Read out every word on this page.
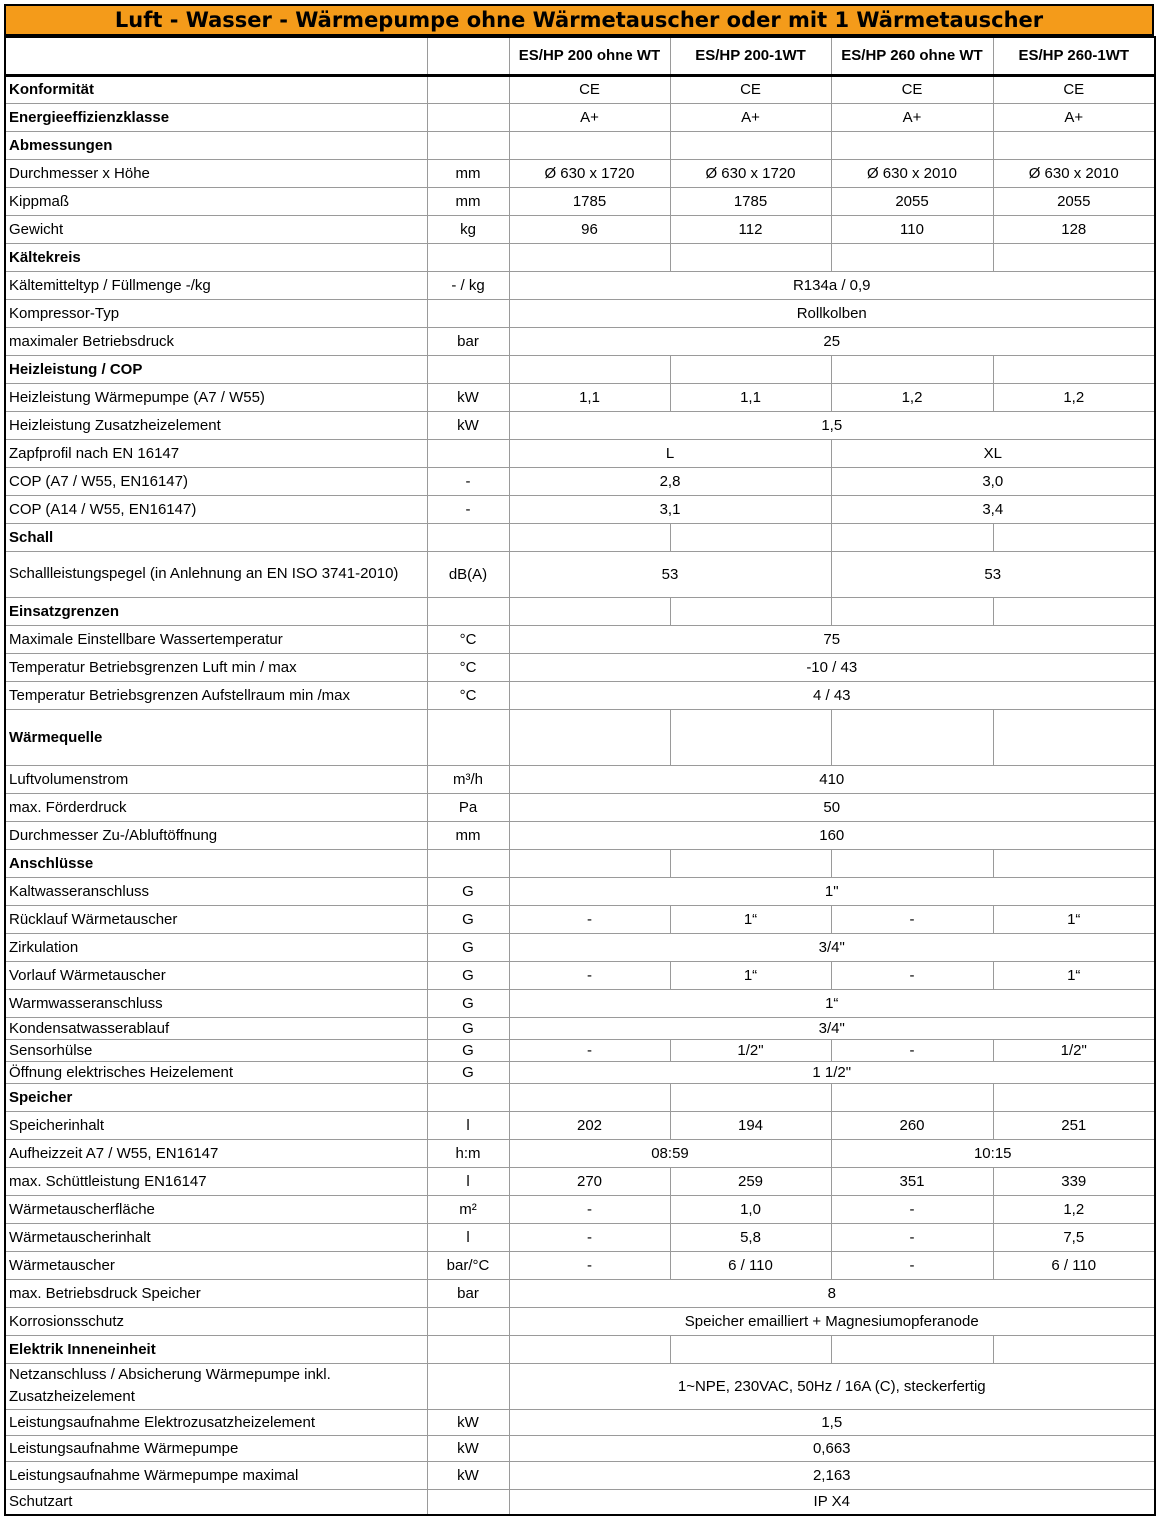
Luft - Wasser - Wärmepumpe ohne Wärmetauscher oder mit 1 Wärmetauscher
		ES/HP 200 ohne WT	ES/HP 200-1WT	ES/HP 260 ohne WT	ES/HP 260-1WT
Konformität		CE	CE	CE	CE
Energieeffizienzklasse		A+	A+	A+	A+
Abmessungen					
Durchmesser x Höhe	mm	Ø 630 x 1720	Ø 630 x 1720	Ø 630 x 2010	Ø 630 x 2010
Kippmaß	mm	1785	1785	2055	2055
Gewicht	kg	96	112	110	128
Kältekreis					
Kältemitteltyp / Füllmenge -/kg	- / kg	R134a / 0,9			
Kompressor-Typ		Rollkolben			
maximaler Betriebsdruck	bar	25			
Heizleistung / COP					
Heizleistung Wärmepumpe (A7 / W55)	kW	1,1	1,1	1,2	1,2
Heizleistung Zusatzheizelement	kW	1,5			
Zapfprofil nach EN 16147		L		XL	
COP (A7 / W55, EN16147)	-	2,8		3,0	
COP (A14 / W55, EN16147)	-	3,1		3,4	
Schall					
Schallleistungspegel (in Anlehnung an EN ISO 3741-2010)	dB(A)	53		53	
Einsatzgrenzen					
Maximale Einstellbare Wassertemperatur	°C	75			
Temperatur Betriebsgrenzen Luft min / max	°C	-10 / 43			
Temperatur Betriebsgrenzen Aufstellraum min /max	°C	4 / 43			
Wärmequelle					
Luftvolumenstrom	m³/h	410			
max. Förderdruck	Pa	50			
Durchmesser Zu-/Abluftöffnung	mm	160			
Anschlüsse					
Kaltwasseranschluss	G	1"			
Rücklauf Wärmetauscher	G	-	1“	-	1“
Zirkulation	G	3/4"			
Vorlauf Wärmetauscher	G	-	1“	-	1“
Warmwasseranschluss	G	1“			
Kondensatwasserablauf	G	3/4"			
Sensorhülse	G	-	1/2"	-	1/2"
Öffnung elektrisches Heizelement	G	1 1/2"			
Speicher					
Speicherinhalt	l	202	194	260	251
Aufheizzeit A7 / W55, EN16147	h:m	08:59		10:15	
max. Schüttleistung EN16147	l	270	259	351	339
Wärmetauscherfläche	m²	-	1,0	-	1,2
Wärmetauscherinhalt	l	-	5,8	-	7,5
Wärmetauscher	bar/°C	-	6 / 110	-	6 / 110
max. Betriebsdruck Speicher	bar	8			
Korrosionsschutz		Speicher emailliert + Magnesiumopferanode			
Elektrik Inneneinheit					
Netzanschluss / Absicherung Wärmepumpe inkl. Zusatzheizelement		1~NPE, 230VAC, 50Hz / 16A (C), steckerfertig			
Leistungsaufnahme Elektrozusatzheizelement	kW	1,5			
Leistungsaufnahme Wärmepumpe	kW	0,663			
Leistungsaufnahme Wärmepumpe maximal	kW	2,163			
Schutzart		IP X4			
